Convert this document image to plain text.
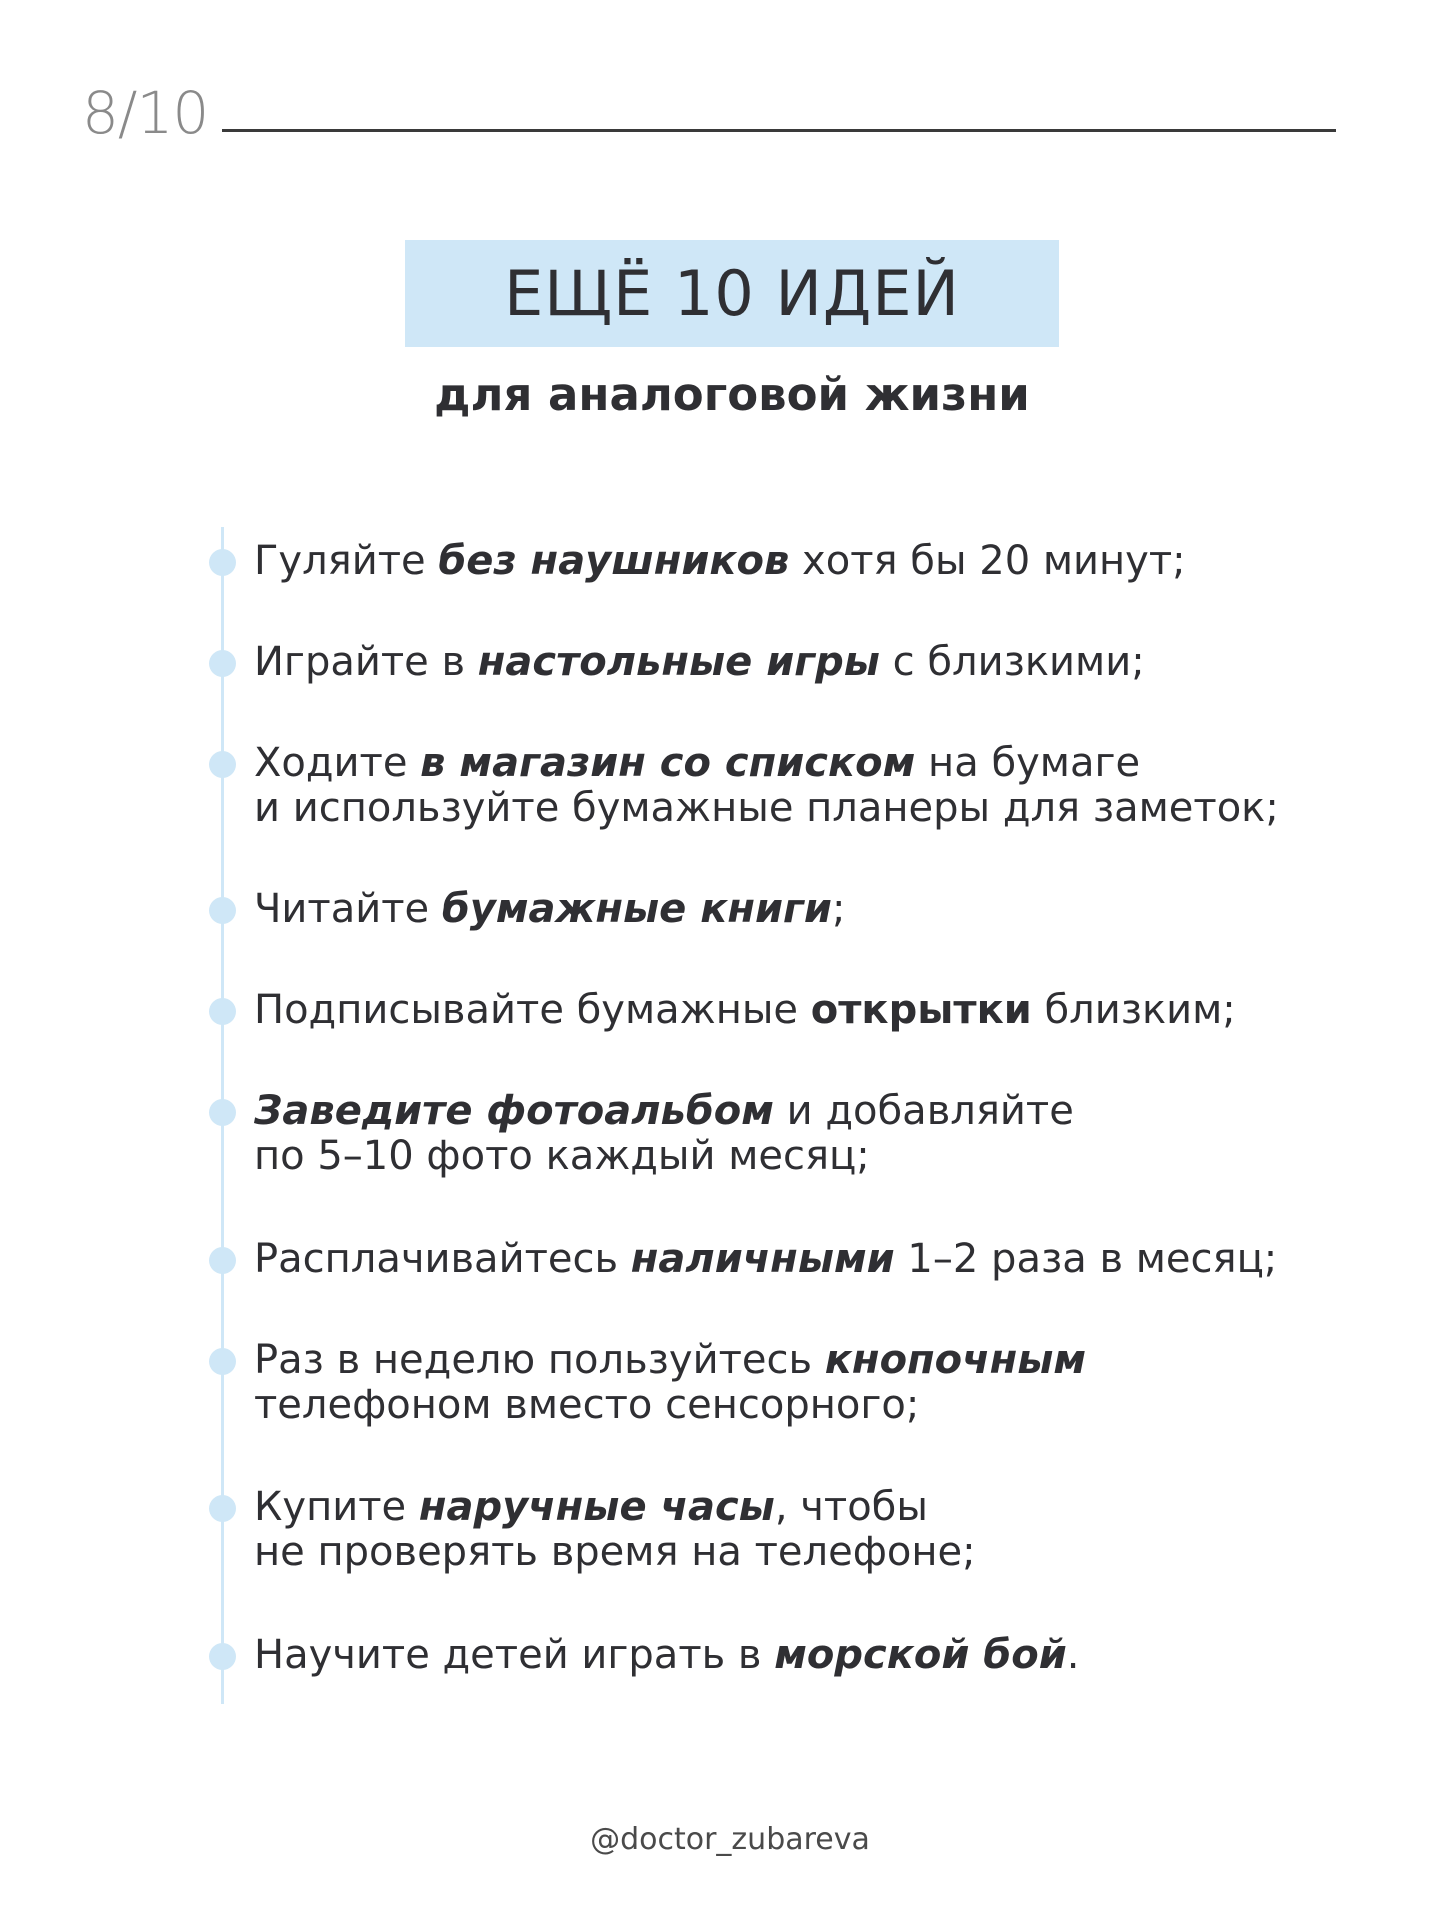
8/10
ЕЩЁ 10 ИДЕЙ
для аналоговой жизни
Гуляйте без наушников хотя бы 20 минут;
Играйте в настольные игры с близкими;
Ходите в магазин со списком на бумаге
и используйте бумажные планеры для заметок;
Читайте бумажные книги;
Подписывайте бумажные открытки близким;
Заведите фотоальбом и добавляйте
по 5–10 фото каждый месяц;
Расплачивайтесь наличными 1–2 раза в месяц;
Раз в неделю пользуйтесь кнопочным
телефоном вместо сенсорного;
Купите наручные часы, чтобы
не проверять время на телефоне;
Научите детей играть в морской бой.
@doctor_zubareva
